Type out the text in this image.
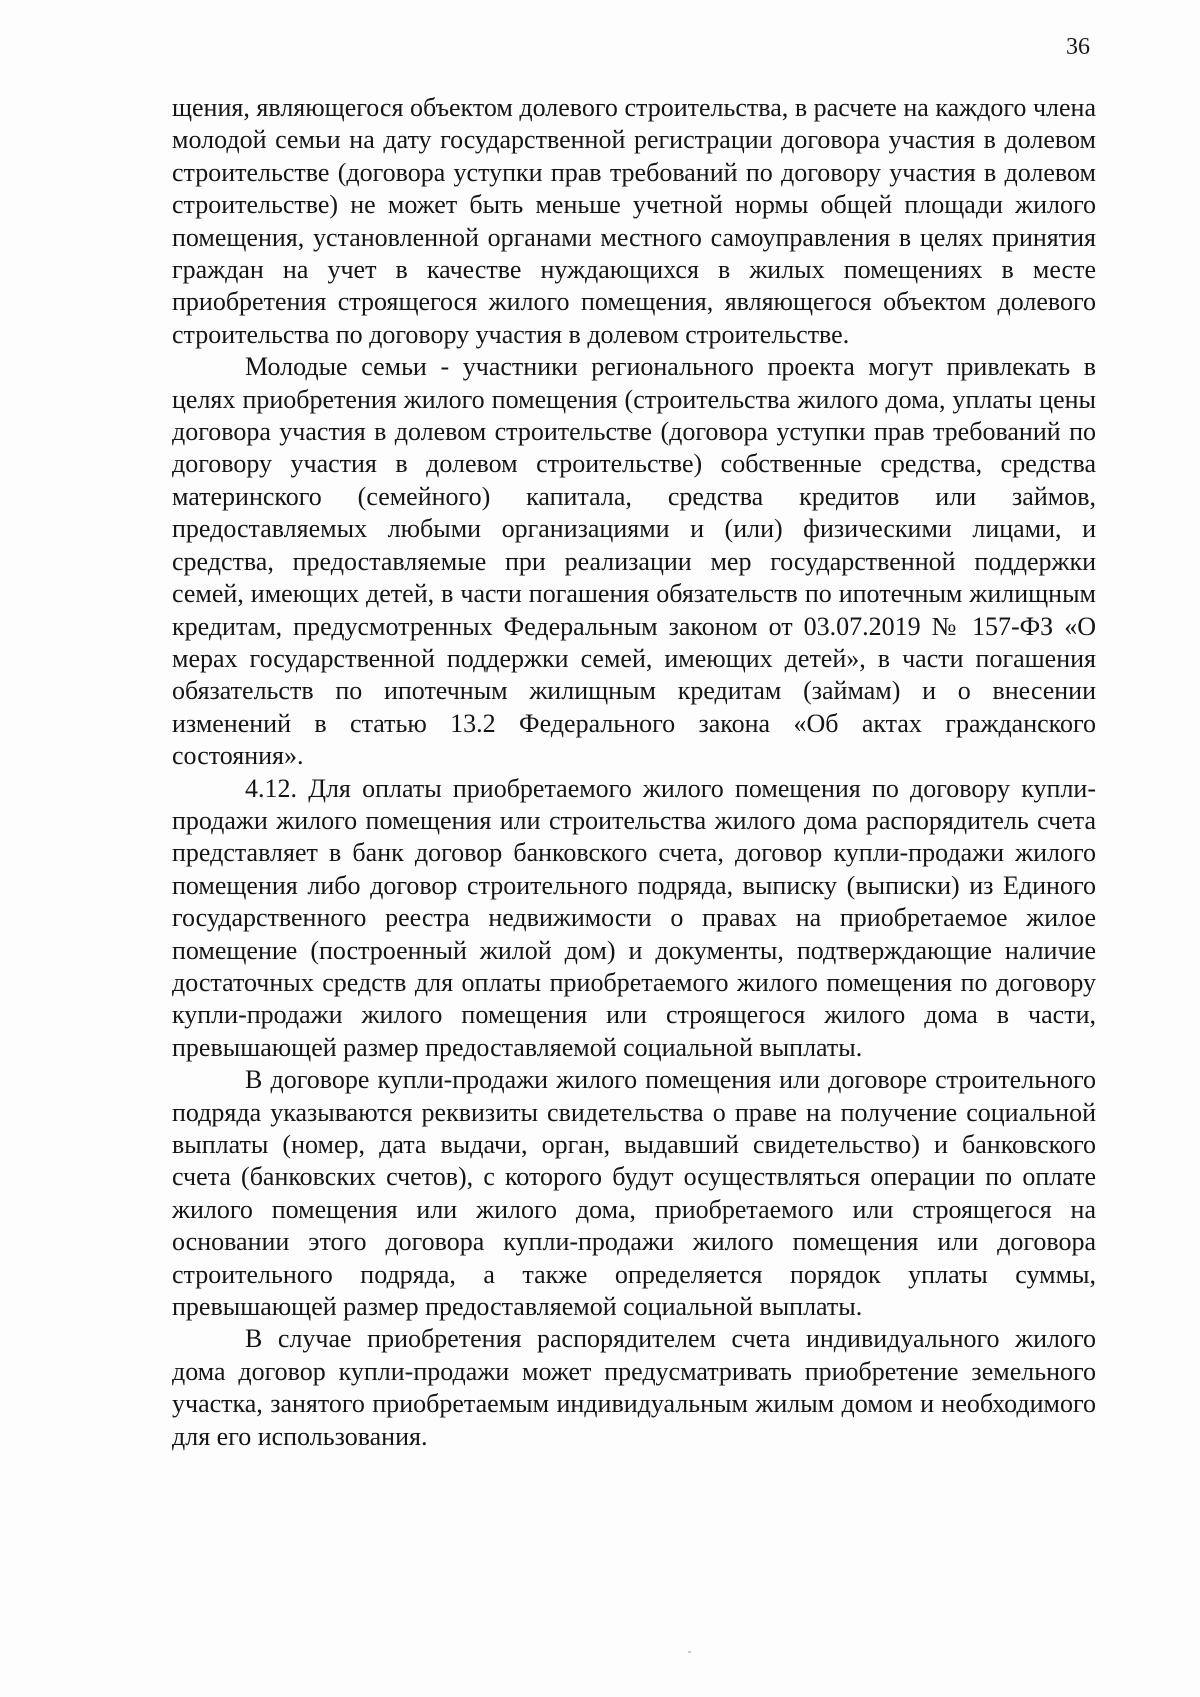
36

щения, являющегося объектом долевого строительства, в расчете на каждого члена молодой семьи на дату государственной регистрации договора участия в долевом строительстве (договора уступки прав требований по договору участия в долевом строительстве) не может быть меньше учетной нормы общей площади жилого помещения, установленной органами местного самоуправления в целях принятия граждан на учет в качестве нуждающихся в жилых помещениях в месте приобретения строящегося жилого помещения, являющегося объектом долевого строительства по договору участия в долевом строительстве.

Молодые семьи - участники регионального проекта могут привлекать в целях приобретения жилого помещения (строительства жилого дома, уплаты цены договора участия в долевом строительстве (договора уступки прав требований по договору участия в долевом строительстве) собственные средства, средства материнского (семейного) капитала, средства кредитов или займов, предоставляемых любыми организациями и (или) физическими лицами, и средства, предоставляемые при реализации мер государственной поддержки семей, имеющих детей, в части погашения обязательств по ипотечным жилищным кредитам, предусмотренных Федеральным законом от 03.07.2019 № 157-ФЗ «О мерах государственной поддержки семей, имеющих детей», в части погашения обязательств по ипотечным жилищным кредитам (займам) и о внесении изменений в статью 13.2 Федерального закона «Об актах гражданского состояния».

4.12. Для оплаты приобретаемого жилого помещения по договору купли-продажи жилого помещения или строительства жилого дома распорядитель счета представляет в банк договор банковского счета, договор купли-продажи жилого помещения либо договор строительного подряда, выписку (выписки) из Единого государственного реестра недвижимости о правах на приобретаемое жилое помещение (построенный жилой дом) и документы, подтверждающие наличие достаточных средств для оплаты приобретаемого жилого помещения по договору купли-продажи жилого помещения или строящегося жилого дома в части, превышающей размер предоставляемой социальной выплаты.

В договоре купли-продажи жилого помещения или договоре строительного подряда указываются реквизиты свидетельства о праве на получение социальной выплаты (номер, дата выдачи, орган, выдавший свидетельство) и банковского счета (банковских счетов), с которого будут осуществляться операции по оплате жилого помещения или жилого дома, приобретаемого или строящегося на основании этого договора купли-продажи жилого помещения или договора строительного подряда, а также определяется порядок уплаты суммы, превышающей размер предоставляемой социальной выплаты.

В случае приобретения распорядителем счета индивидуального жилого дома договор купли-продажи может предусматривать приобретение земельного участка, занятого приобретаемым индивидуальным жилым домом и необходимого для его использования.
